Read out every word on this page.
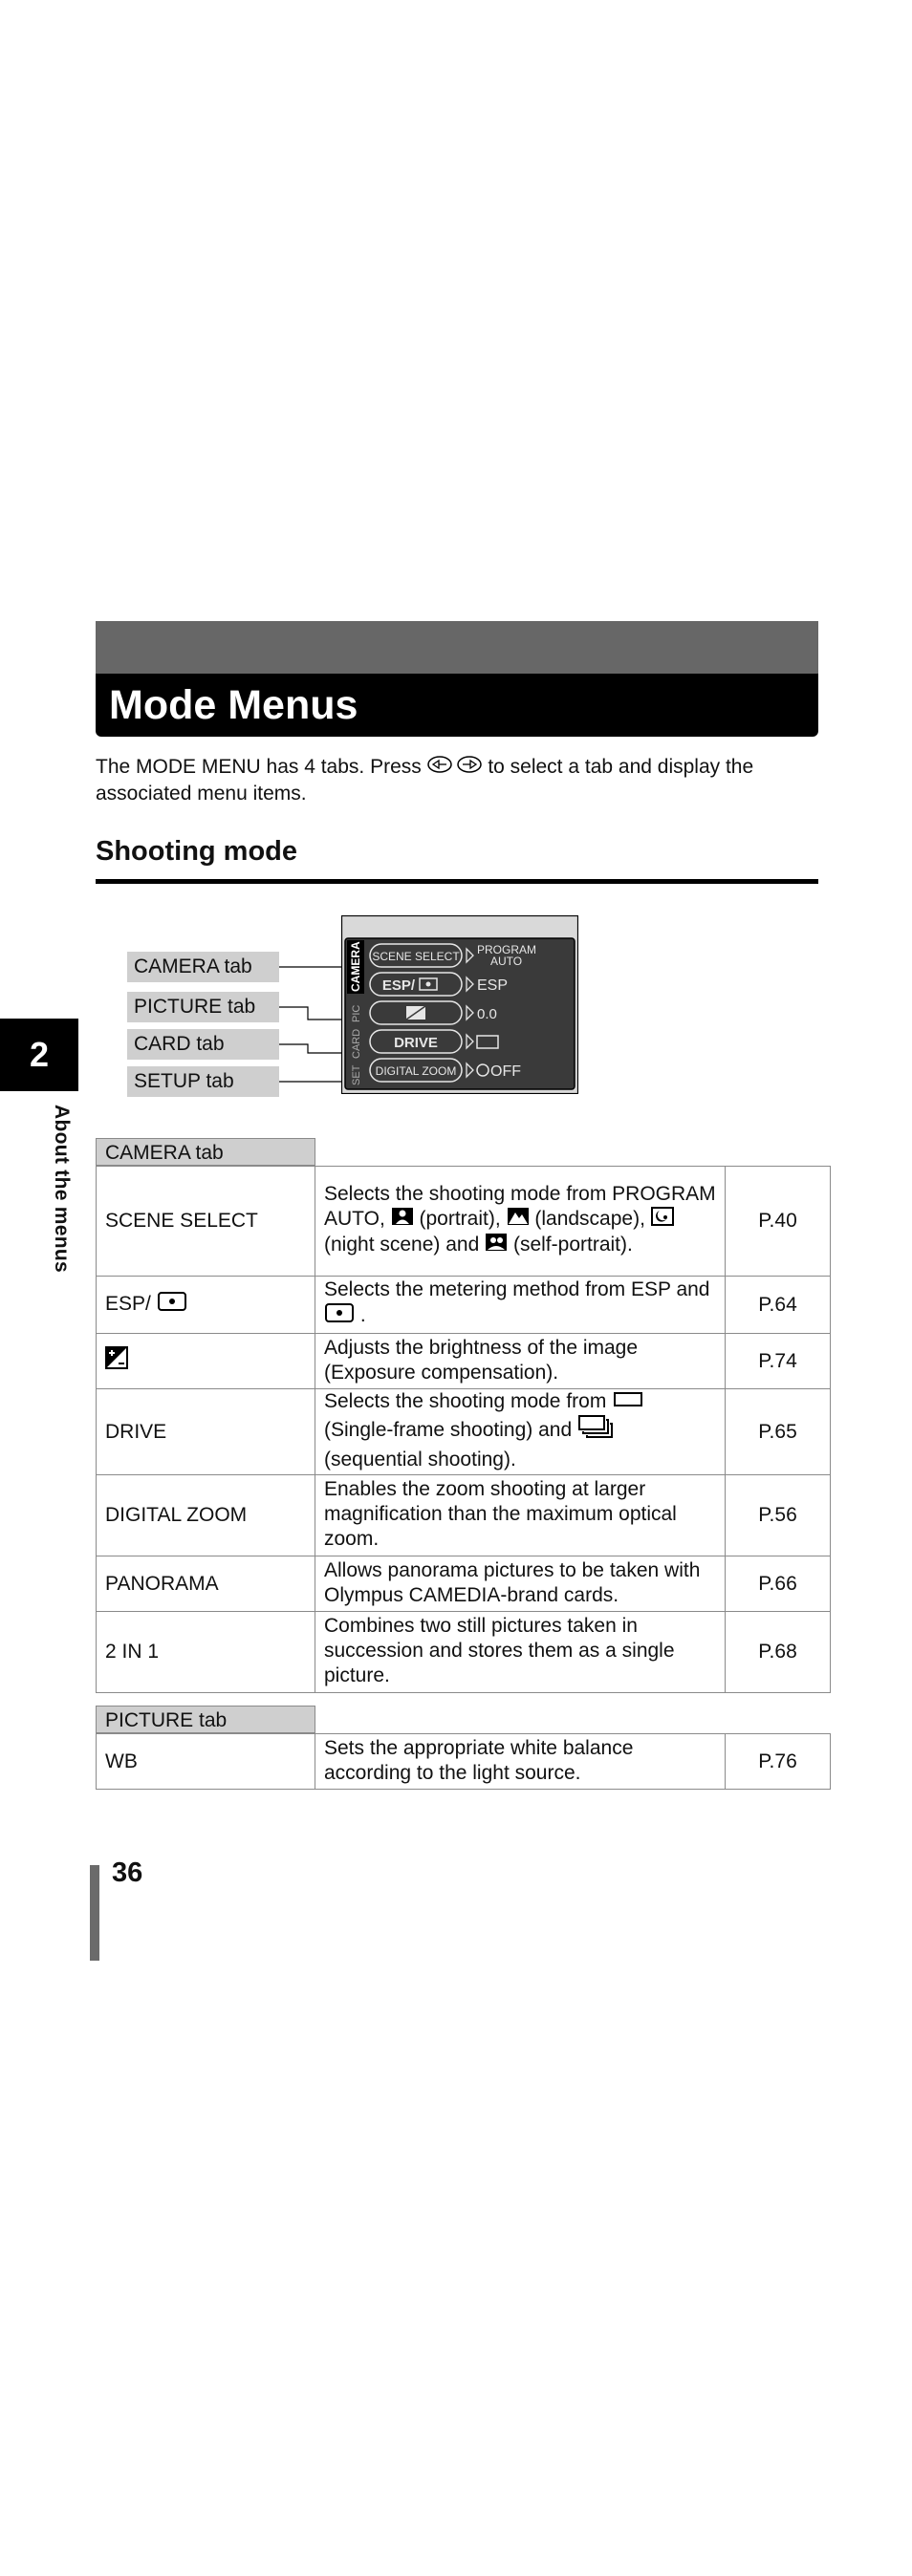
Mode Menus
The MODE MENU has 4 tabs. Press	to select a tab and display the associated menu items.
Shooting mode
CAMERA tab
PICTURE tab
CARD tab
SETUP tab
CAMERA
PIC
CARD
SET
SCENE SELECT
ESP/
DRIVE
DIGITAL ZOOM
PROGRAM
AUTO
ESP
0.0
OFF
2
About the menus	CAMERA tab
SCENE SELECT	Selects the shooting mode from PROGRAM AUTO, (portrait), (landscape),  (night scene) and (self-portrait).	P.40
ESP/	Selects the metering method from ESP and  .	P.64
	Adjusts the brightness of the image (Exposure compensation).	P.74
DRIVE	Selects the shooting mode from  (Single-frame shooting) and  (sequential shooting).	P.65
DIGITAL ZOOM	Enables the zoom shooting at larger magnification than the maximum optical zoom.	P.56
PANORAMA	Allows panorama pictures to be taken with Olympus CAMEDIA-brand cards.	P.66
2 IN 1	Combines two still pictures taken in succession and stores them as a single picture.	P.68
PICTURE tab
WB	Sets the appropriate white balance according to the light source.	P.76
36
